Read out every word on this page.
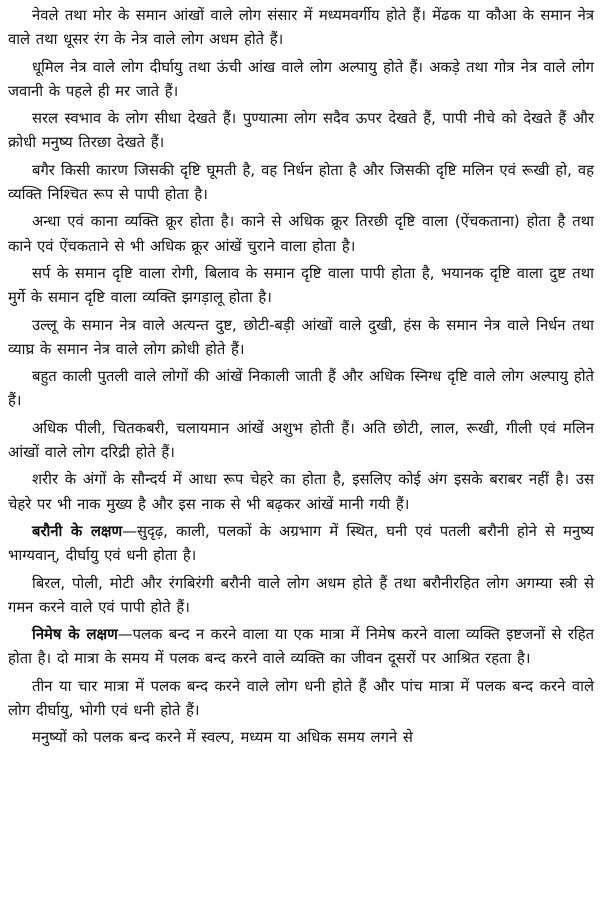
नेवले तथा मोर के समान आंखों वाले लोग संसार में मध्यमवर्गीय होते हैं। मेंढक या कौआ के समान नेत्र वाले तथा धूसर रंग के नेत्र वाले लोग अधम होते हैं।

धूमिल नेत्र वाले लोग दीर्घायु तथा ऊंची आंख वाले लोग अल्पायु होते हैं। अकड़े तथा गोत्र नेत्र वाले लोग जवानी के पहले ही मर जाते हैं।

सरल स्वभाव के लोग सीधा देखते हैं। पुण्यात्मा लोग सदैव ऊपर देखते हैं, पापी नीचे को देखते हैं और क्रोधी मनुष्य तिरछा देखते हैं।

बगैर किसी कारण जिसकी दृष्टि घूमती है, वह निर्धन होता है और जिसकी दृष्टि मलिन एवं रूखी हो, वह व्यक्ति निश्चित रूप से पापी होता है।

अन्धा एवं काना व्यक्ति क्रूर होता है। काने से अधिक क्रूर तिरछी दृष्टि वाला (ऐंचकताना) होता है तथा काने एवं ऐंचकताने से भी अधिक क्रूर आंखें चुराने वाला होता है।

सर्प के समान दृष्टि वाला रोगी, बिलाव के समान दृष्टि वाला पापी होता है, भयानक दृष्टि वाला दुष्ट तथा मुर्गे के समान दृष्टि वाला व्यक्ति झगड़ालू होता है।

उल्लू के समान नेत्र वाले अत्यन्त दुष्ट, छोटी-बड़ी आंखों वाले दुखी, हंस के समान नेत्र वाले निर्धन तथा व्याघ्र के समान नेत्र वाले लोग क्रोधी होते हैं।

बहुत काली पुतली वाले लोगों की आंखें निकाली जाती हैं और अधिक स्निग्ध दृष्टि वाले लोग अल्पायु होते हैं।

अधिक पीली, चितकबरी, चलायमान आंखें अशुभ होती हैं। अति छोटी, लाल, रूखी, गीली एवं मलिन आंखों वाले लोग दरिद्री होते हैं।

शरीर के अंगों के सौन्दर्य में आधा रूप चेहरे का होता है, इसलिए कोई अंग इसके बराबर नहीं है। उस चेहरे पर भी नाक मुख्य है और इस नाक से भी बढ़कर आंखें मानी गयी हैं।

बरौनी के लक्षण—सुदृढ़, काली, पलकों के अग्रभाग में स्थित, घनी एवं पतली बरौनी होने से मनुष्य भाग्यवान्, दीर्घायु एवं धनी होता है।

बिरल, पोली, मोटी और रंगबिरंगी बरौनी वाले लोग अधम होते हैं तथा बरौनीरहित लोग अगम्या स्त्री से गमन करने वाले एवं पापी होते हैं।

निमेष के लक्षण—पलक बन्द न करने वाला या एक मात्रा में निमेष करने वाला व्यक्ति इष्टजनों से रहित होता है। दो मात्रा के समय में पलक बन्द करने वाले व्यक्ति का जीवन दूसरों पर आश्रित रहता है।

तीन या चार मात्रा में पलक बन्द करने वाले लोग धनी होते हैं और पांच मात्रा में पलक बन्द करने वाले लोग दीर्घायु, भोगी एवं धनी होते हैं।

मनुष्यों को पलक बन्द करने में स्वल्प, मध्यम या अधिक समय लगने से
